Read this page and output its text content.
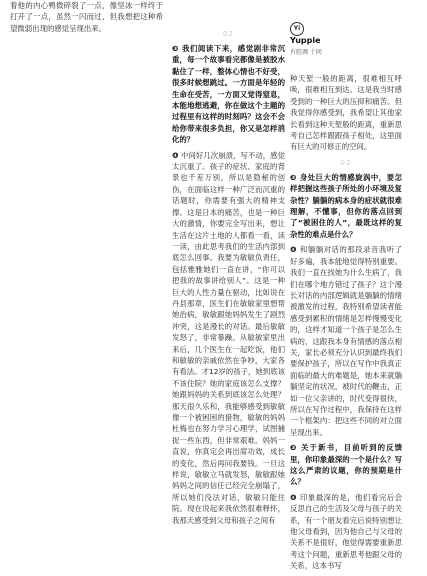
着他的内心鸭微碎裂了一点，像坚冰一样终于打开了一点，虽然一闪而过，但我想把这种希望微弱出现的感觉呈现出来。	Yi
Yuppie
有腔调 十问
02

❸ 我们阅读下来，感觉剧非常沉重，每一个故事看完都像是被胶水黏住了一样，整体心情也不好受，很多时候想跳过。一方面是年轻的生命在受苦，一方面又觉得窒息，本能地想逃避，你在做这个主题的过程里有这样的时刻吗？这会不会给你带来很多负担，你又是怎样消化的？

❹ 中间好几次崩溃，写不动，感觉太沉重了。孩子的症状、家庭的背景也千差万别，所以是隐秘的创伤，在面临这样一种广泛而沉重的话题时，你需要有强大的精神支撑。这是日本的痛苦，也是一种巨大的激情，你要完全写出来，想让生活在这片土地的人都看一看，读一读，由此思考我们的生活内部到底怎么回事。我要为敏敏负责任，包括雅雅她们一直在讲，“你可以把我的故事讲给别人”。这是一种巨大的人性力量在驱动，比如说在丹县那章，医生们在敏敏家里想帮她治病，敏敏跟她妈妈发生了剧烈冲突，这是漫长的对话。最后敏敏发怒了，非常暴躁。从敏敏家里出来后，几个医生在一起吃饭，他们和敏敏的亲戚依然在争吵，大家各有看法。才12岁的孩子，她到底该不该住院？她的家庭该怎么支撑？她跟妈妈的关系到底该怎么处理？那天很久乐和，我能够感受到敏敏像一个被困困的猎物，敏敏的妈妈杜梅也在努力学习心理学，试图捕捉一些东西，但非常艰难。妈妈一直说，你真定会再出席功效，成长的变化，然后再问我要钱。一旦这样说，敏敏立马就发怒，敏敏跟她妈妈之间的信任已经完全崩塌了，所以她们没法对话，敏敏只能住院。现在说起来我依然很难释怀，我那天感受到父母和孩子之间有

种天堑一般的距离，很难相互呼唤，很难相互到达。这是我当时感受到的一种巨大的压抑和痛苦。但我觉得你感受到，我希望让其他家长看到这种天堑般的距离，重新思考自己怎样跟跟孩子相处，这里面有巨大的可修正的空间。

02

❸ 身处巨大的情感旋涡中，要怎样把握这些孩子所处的小环境及复杂性？躺躺的病本身的症状就很难理解，不懂事，但你的落点回到了“被困住的人”，最既这样的复杂性的难点是什么？

❹ 和躺躺对话的那段录音我听了好多遍，我本能地觉得特别重要。我们一直在找她为什么生病了，我们在哪个地方错过了孩子？这个漫长对话的内部逻辑就是躺躺的情绪被激发的过程，我特别希望读者能感受到累积的情绪是怎样慢慢变化的，这样才知道一个孩子是怎么生病的，这跟我本身有情感的落点相关，家长必须充分认识到最终我们要保护孩子，所以在写作中我真正面临的最大的难题是，她本来就躺躺坚定的状况，被时代的鞭击，正如一位父亲讲的，时代变得很快，所以在写作过程中，我保持在这样一个框架内：把这些不同的对立面呈现出来。

❸ 关于新书，目前听到的反馈里，你印象最深的一个是什么？写这么严肃的议题，你的预期是什么？

❹ 印象最深的是，他们看完后会反思自己的生活及父母与孩子的关系，有一个朋友看完后说特别想让他父母看到，因为他自己与父母的关系不是很好，他觉得需要重新思考这个问题，重新思考他跟父母的关系，这本书写
